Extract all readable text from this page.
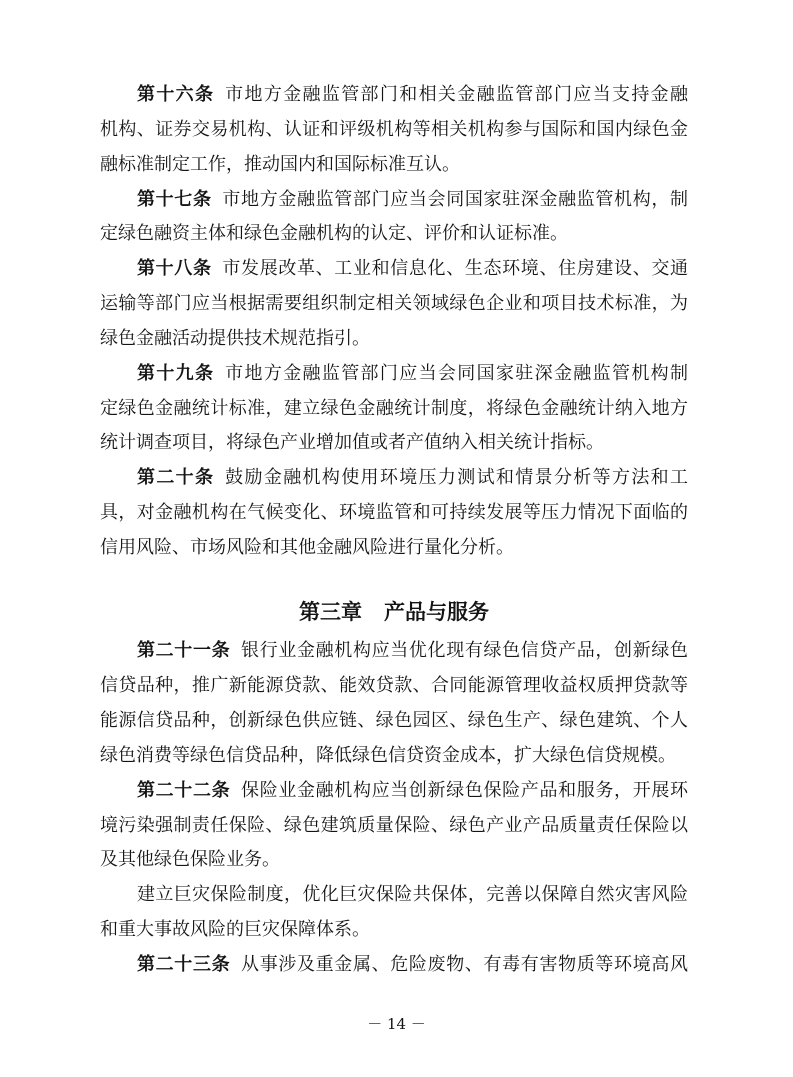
第十六条 市地方金融监管部门和相关金融监管部门应当支持金融
机构、证券交易机构、认证和评级机构等相关机构参与国际和国内绿色金
融标准制定工作，推动国内和国际标准互认。
第十七条 市地方金融监管部门应当会同国家驻深金融监管机构，制
定绿色融资主体和绿色金融机构的认定、评价和认证标准。
第十八条 市发展改革、工业和信息化、生态环境、住房建设、交通
运输等部门应当根据需要组织制定相关领域绿色企业和项目技术标准，为
绿色金融活动提供技术规范指引。
第十九条 市地方金融监管部门应当会同国家驻深金融监管机构制
定绿色金融统计标准，建立绿色金融统计制度，将绿色金融统计纳入地方
统计调查项目，将绿色产业增加值或者产值纳入相关统计指标。
第二十条 鼓励金融机构使用环境压力测试和情景分析等方法和工
具，对金融机构在气候变化、环境监管和可持续发展等压力情况下面临的
信用风险、市场风险和其他金融风险进行量化分析。
第三章 产品与服务
第二十一条 银行业金融机构应当优化现有绿色信贷产品，创新绿色
信贷品种，推广新能源贷款、能效贷款、合同能源管理收益权质押贷款等
能源信贷品种，创新绿色供应链、绿色园区、绿色生产、绿色建筑、个人
绿色消费等绿色信贷品种，降低绿色信贷资金成本，扩大绿色信贷规模。
第二十二条 保险业金融机构应当创新绿色保险产品和服务，开展环
境污染强制责任保险、绿色建筑质量保险、绿色产业产品质量责任保险以
及其他绿色保险业务。
建立巨灾保险制度，优化巨灾保险共保体，完善以保障自然灾害风险
和重大事故风险的巨灾保障体系。
第二十三条 从事涉及重金属、危险废物、有毒有害物质等环境高风
－ 14 －
